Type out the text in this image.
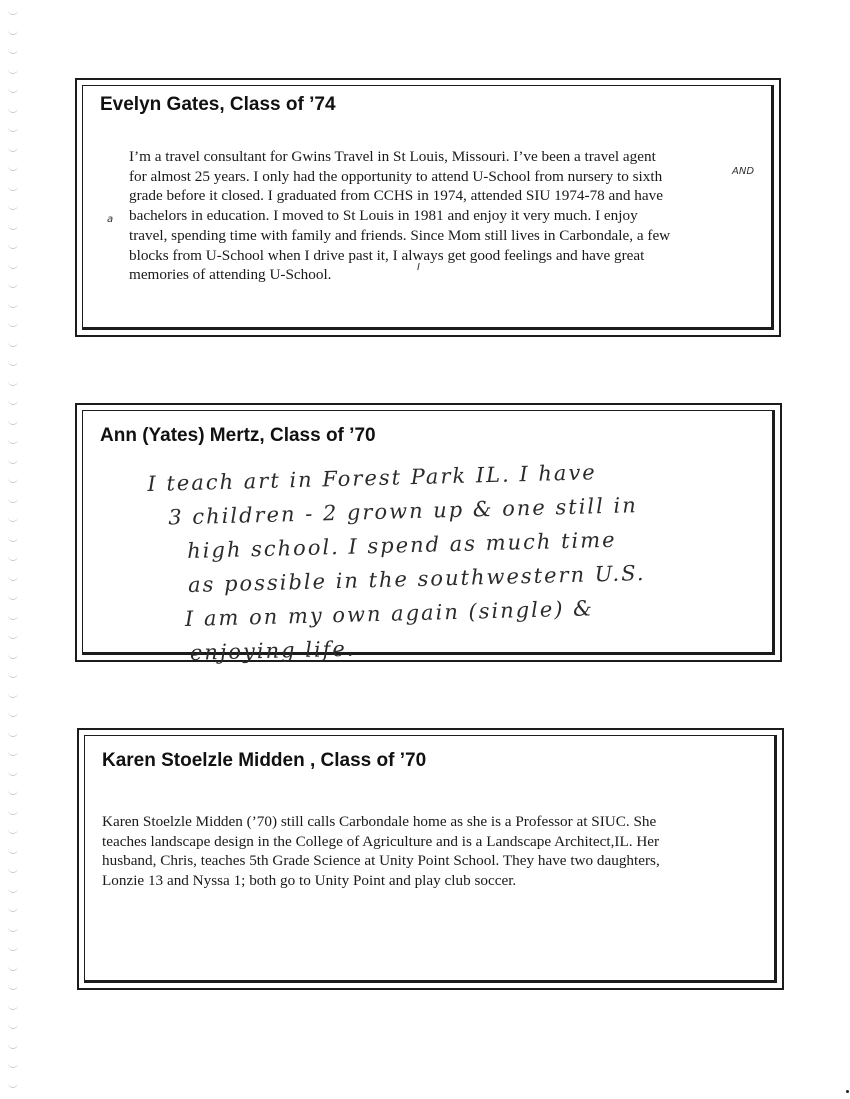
Evelyn Gates, Class of ’74
I’m a travel consultant for Gwins Travel in St Louis, Missouri. I’ve been a travel agent
for almost 25 years. I only had the opportunity to attend U-School from nursery to sixth
grade before it closed. I graduated from CCHS in 1974, attended SIU 1974-78 and have
bachelors in education. I moved to St Louis in 1981 and enjoy it very much. I enjoy
travel, spending time with family and friends. Since Mom still lives in Carbondale, a few
blocks from U-School when I drive past it, I always get good feelings and have great
memories of attending U-School.
AND
a
I
Ann (Yates) Mertz, Class of ’70
I teach art in Forest Park IL. I have
3 children - 2 grown up & one still in
high school. I spend as much time
as possible in the southwestern U.S.
I am on my own again (single) &
enjoying life.
Karen Stoelzle Midden , Class of ’70
Karen Stoelzle Midden (’70) still calls Carbondale home as she is a Professor at SIUC. She
teaches landscape design in the College of Agriculture and is a Landscape Architect,IL. Her
husband, Chris, teaches 5th Grade Science at Unity Point School. They have two daughters,
Lonzie 13 and Nyssa 1; both go to Unity Point and play club soccer.
